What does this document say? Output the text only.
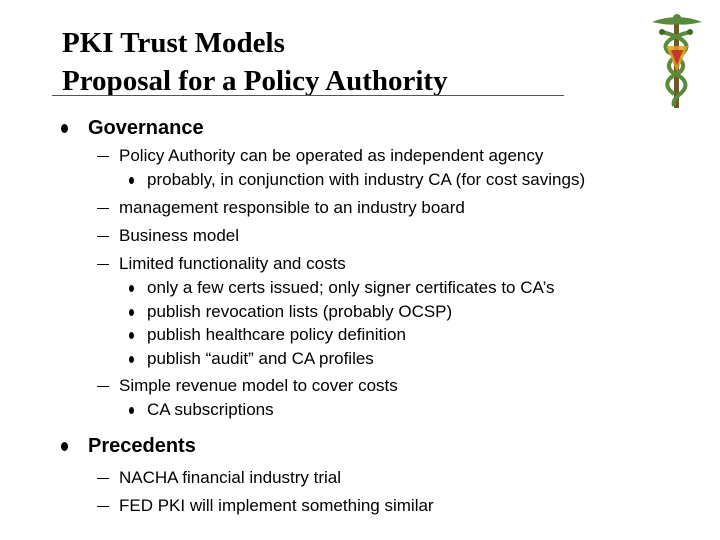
PKI Trust Models
Proposal for a Policy Authority
Governance
Policy Authority can be operated as independent agency
probably, in conjunction with industry CA (for cost savings)
management responsible to an industry board
Business model
Limited functionality and costs
only a few certs issued; only signer certificates to CA’s
publish revocation lists (probably OCSP)
publish healthcare policy definition
publish “audit” and CA profiles
Simple revenue model to cover costs
CA subscriptions
Precedents
NACHA financial industry trial
FED PKI will implement something similar
